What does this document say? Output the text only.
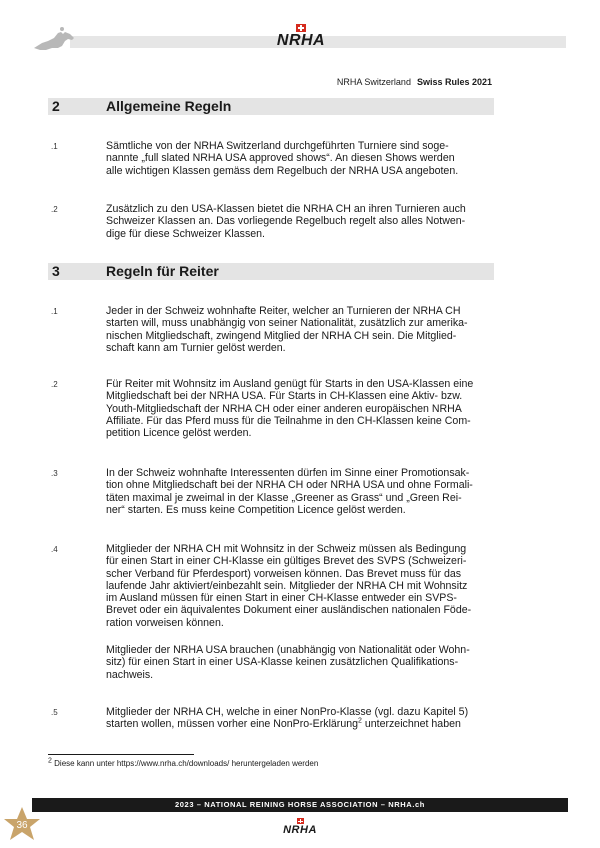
NRHA
NRHA Switzerland Swiss Rules 2021
2	Allgemeine Regeln
.1	Sämtliche von der NRHA Switzerland durchgeführten Turniere sind soge-
nannte „full slated NRHA USA approved shows“. An diesen Shows werden
alle wichtigen Klassen gemäss dem Regelbuch der NRHA USA angeboten.
.2	Zusätzlich zu den USA-Klassen bietet die NRHA CH an ihren Turnieren auch
Schweizer Klassen an. Das vorliegende Regelbuch regelt also alles Notwen-
dige für diese Schweizer Klassen.
3	Regeln für Reiter
.1	Jeder in der Schweiz wohnhafte Reiter, welcher an Turnieren der NRHA CH
starten will, muss unabhängig von seiner Nationalität, zusätzlich zur amerika-
nischen Mitgliedschaft, zwingend Mitglied der NRHA CH sein. Die Mitglied-
schaft kann am Turnier gelöst werden.
.2	Für Reiter mit Wohnsitz im Ausland genügt für Starts in den USA-Klassen eine
Mitgliedschaft bei der NRHA USA. Für Starts in CH-Klassen eine Aktiv- bzw.
Youth-Mitgliedschaft der NRHA CH oder einer anderen europäischen NRHA
Affiliate. Für das Pferd muss für die Teilnahme in den CH-Klassen keine Com-
petition Licence gelöst werden.
.3	In der Schweiz wohnhafte Interessenten dürfen im Sinne einer Promotionsak-
tion ohne Mitgliedschaft bei der NRHA CH oder NRHA USA und ohne Formali-
täten maximal je zweimal in der Klasse „Greener as Grass“ und „Green Rei-
ner“ starten. Es muss keine Competition Licence gelöst werden.
.4	Mitglieder der NRHA CH mit Wohnsitz in der Schweiz müssen als Bedingung
für einen Start in einer CH-Klasse ein gültiges Brevet des SVPS (Schweizeri-
scher Verband für Pferdesport) vorweisen können. Das Brevet muss für das
laufende Jahr aktiviert/einbezahlt sein. Mitglieder der NRHA CH mit Wohnsitz
im Ausland müssen für einen Start in einer CH-Klasse entweder ein SVPS-
Brevet oder ein äquivalentes Dokument einer ausländischen nationalen Föde-
ration vorweisen können.
Mitglieder der NRHA USA brauchen (unabhängig von Nationalität oder Wohn-
sitz) für einen Start in einer USA-Klasse keinen zusätzlichen Qualifikations-
nachweis.
.5	Mitglieder der NRHA CH, welche in einer NonPro-Klasse (vgl. dazu Kapitel 5)
starten wollen, müssen vorher eine NonPro-Erklärung$^2$ unterzeichnet haben
2 Diese kann unter https://www.nrha.ch/downloads/ heruntergeladen werden
2023 – NATIONAL REINING HORSE ASSOCIATION – NRHA.ch
36	NRHA
